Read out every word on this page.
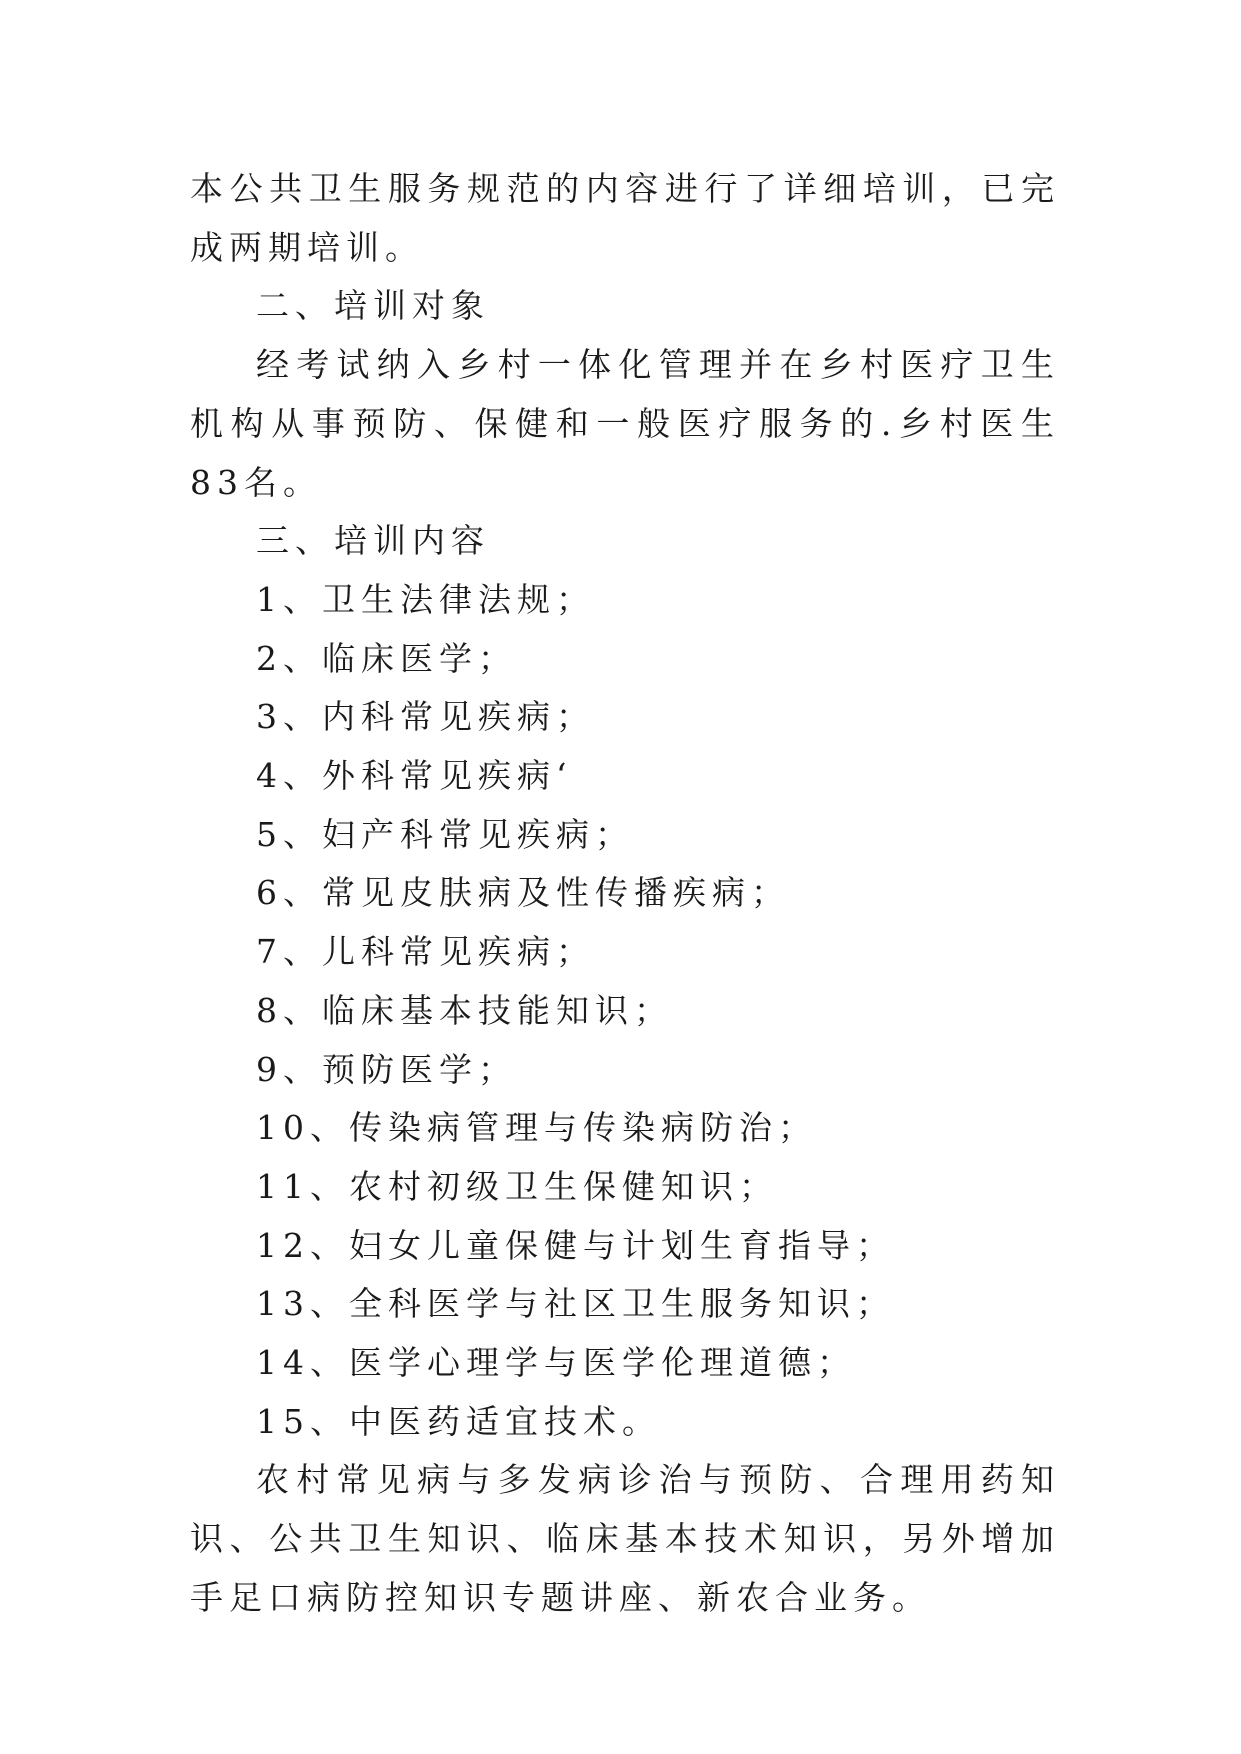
本公共卫生服务规范的内容进行了详细培训，已完成两期培训。

二、培训对象

经考试纳入乡村一体化管理并在乡村医疗卫生机构从事预防、保健和一般医疗服务的.乡村医生83名。

三、培训内容

1、卫生法律法规；

2、临床医学；

3、内科常见疾病；

4、外科常见疾病‘

5、妇产科常见疾病；

6、常见皮肤病及性传播疾病；

7、儿科常见疾病；

8、临床基本技能知识；

9、预防医学；

10、传染病管理与传染病防治；

11、农村初级卫生保健知识；

12、妇女儿童保健与计划生育指导；

13、全科医学与社区卫生服务知识；

14、医学心理学与医学伦理道德；

15、中医药适宜技术。

农村常见病与多发病诊治与预防、合理用药知识、公共卫生知识、临床基本技术知识，另外增加手足口病防控知识专题讲座、新农合业务。
